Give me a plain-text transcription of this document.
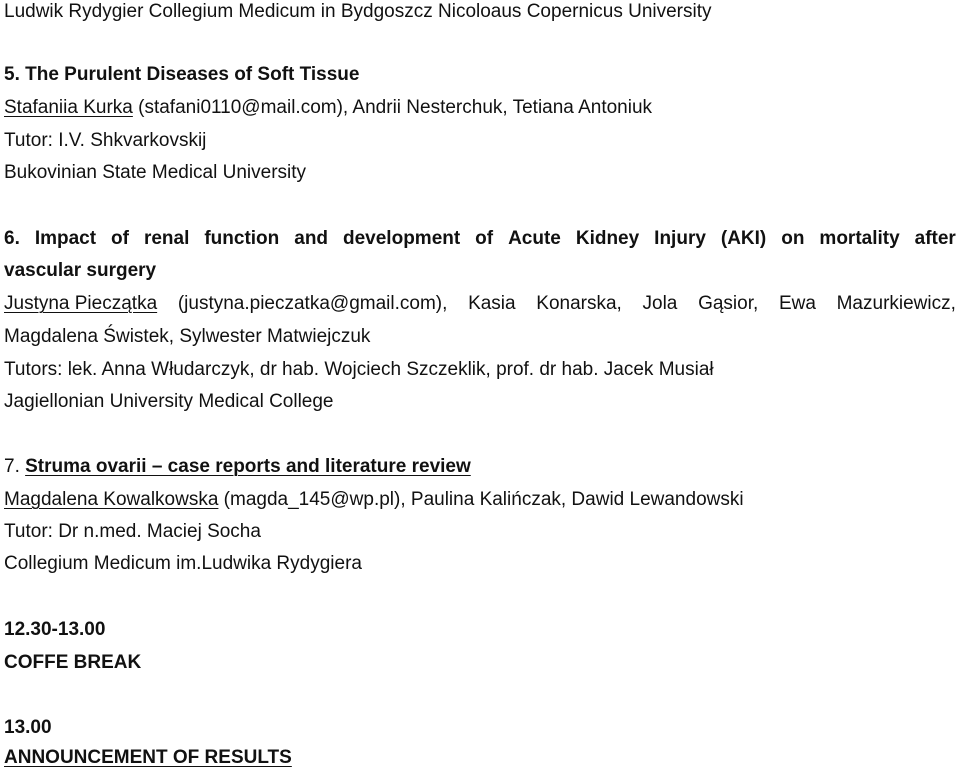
Ludwik Rydygier Collegium Medicum in Bydgoszcz Nicoloaus Copernicus University
5. The Purulent Diseases of Soft Tissue
Stafaniia Kurka (stafani0110@mail.com), Andrii Nesterchuk, Tetiana Antoniuk
Tutor: I.V. Shkvarkovskij
Bukovinian State Medical University
6. Impact of renal function and development of Acute Kidney Injury (AKI) on mortality after
vascular surgery
Justyna Pieczątka (justyna.pieczatka@gmail.com), Kasia Konarska, Jola Gąsior, Ewa Mazurkiewicz,
Magdalena Świstek, Sylwester Matwiejczuk
Tutors: lek. Anna Włudarczyk, dr hab. Wojciech Szczeklik, prof. dr hab. Jacek Musiał
Jagiellonian University Medical College
7. Struma ovarii – case reports and literature review
Magdalena Kowalkowska (magda_145@wp.pl), Paulina Kalińczak, Dawid Lewandowski
Tutor: Dr n.med. Maciej Socha
Collegium Medicum im.Ludwika Rydygiera
12.30-13.00
COFFE BREAK
13.00
ANNOUNCEMENT OF RESULTS
